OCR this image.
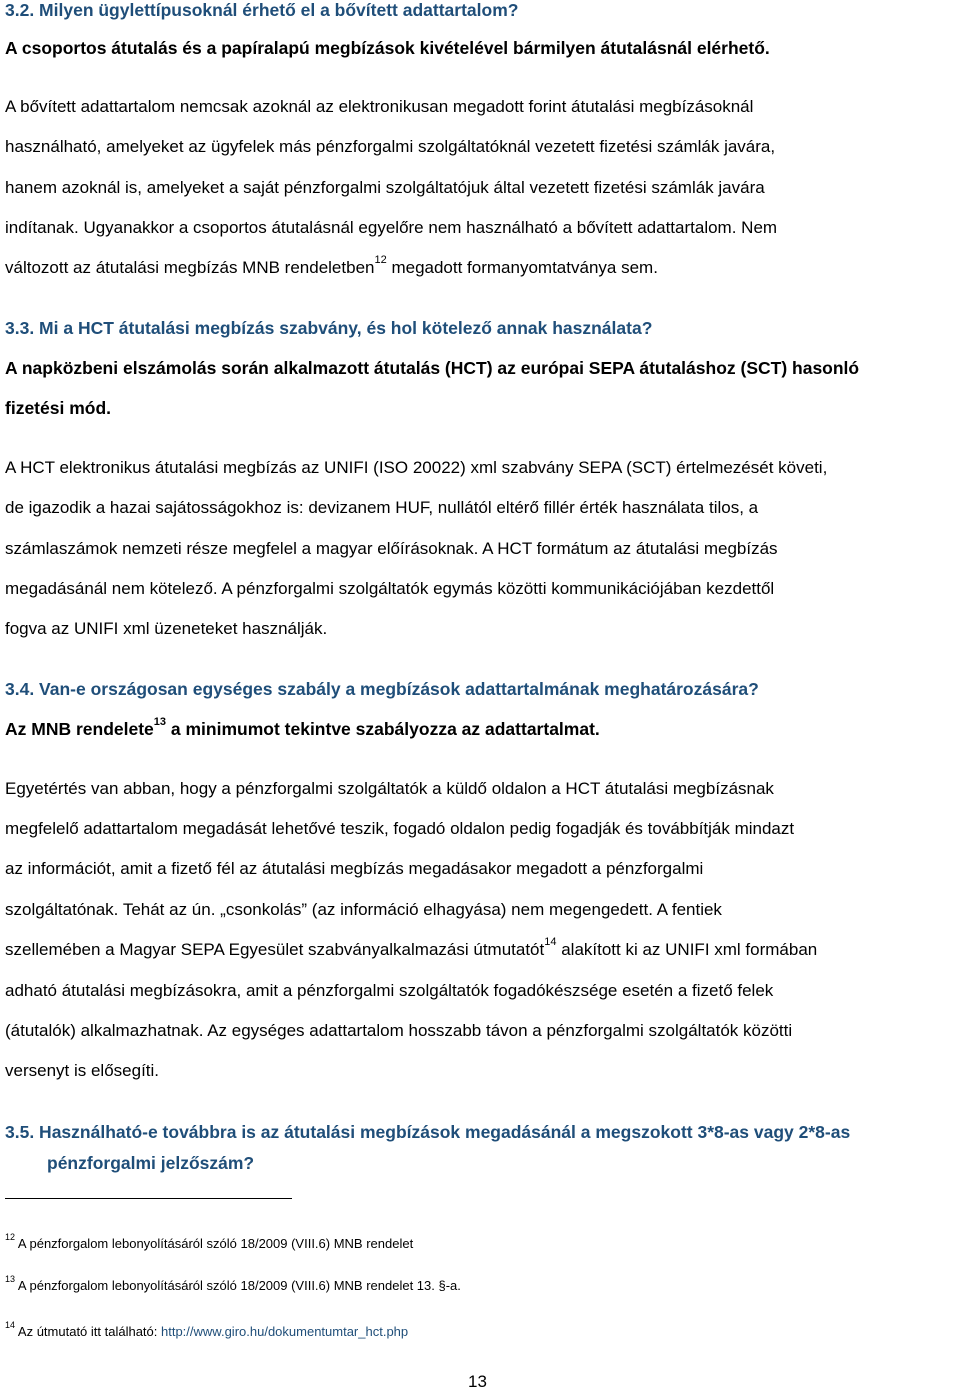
3.2. Milyen ügylettípusoknál érhető el a bővített adattartalom?
A csoportos átutalás és a papíralapú megbízások kivételével bármilyen átutalásnál elérhető.
A bővített adattartalom nemcsak azoknál az elektronikusan megadott forint átutalási megbízásoknál
használható, amelyeket az ügyfelek más pénzforgalmi szolgáltatóknál vezetett fizetési számlák javára,
hanem azoknál is, amelyeket a saját pénzforgalmi szolgáltatójuk által vezetett fizetési számlák javára
indítanak. Ugyanakkor a csoportos átutalásnál egyelőre nem használható a bővített adattartalom. Nem
változott az átutalási megbízás MNB rendeletben$^{12}$ megadott formanyomtatványa sem.
3.3. Mi a HCT átutalási megbízás szabvány, és hol kötelező annak használata?
A napközbeni elszámolás során alkalmazott átutalás (HCT) az európai SEPA átutaláshoz (SCT) hasonló
fizetési mód.
A HCT elektronikus átutalási megbízás az UNIFI (ISO 20022) xml szabvány SEPA (SCT) értelmezését követi,
de igazodik a hazai sajátosságokhoz is: devizanem HUF, nullától eltérő fillér érték használata tilos, a
számlaszámok nemzeti része megfelel a magyar előírásoknak. A HCT formátum az átutalási megbízás
megadásánál nem kötelező. A pénzforgalmi szolgáltatók egymás közötti kommunikációjában kezdettől
fogva az UNIFI xml üzeneteket használják.
3.4. Van-e országosan egységes szabály a megbízások adattartalmának meghatározására?
Az MNB rendelete$^{13}$ a minimumot tekintve szabályozza az adattartalmat.
Egyetértés van abban, hogy a pénzforgalmi szolgáltatók a küldő oldalon a HCT átutalási megbízásnak
megfelelő adattartalom megadását lehetővé teszik, fogadó oldalon pedig fogadják és továbbítják mindazt
az információt, amit a fizető fél az átutalási megbízás megadásakor megadott a pénzforgalmi
szolgáltatónak. Tehát az ún. „csonkolás” (az információ elhagyása) nem megengedett. A fentiek
szellemében a Magyar SEPA Egyesület szabványalkalmazási útmutatót$^{14}$ alakított ki az UNIFI xml formában
adható átutalási megbízásokra, amit a pénzforgalmi szolgáltatók fogadókészsége esetén a fizető felek
(átutalók) alkalmazhatnak. Az egységes adattartalom hosszabb távon a pénzforgalmi szolgáltatók közötti
versenyt is elősegíti.
3.5. Használható-e továbbra is az átutalási megbízások megadásánál a megszokott 3*8-as vagy 2*8-as
pénzforgalmi jelzőszám?
$^{12}$ A pénzforgalom lebonyolításáról szóló 18/2009 (VIII.6) MNB rendelet
$^{13}$ A pénzforgalom lebonyolításáról szóló 18/2009 (VIII.6) MNB rendelet 13. §-a.
$^{14}$ Az útmutató itt található: http://www.giro.hu/dokumentumtar_hct.php
13
